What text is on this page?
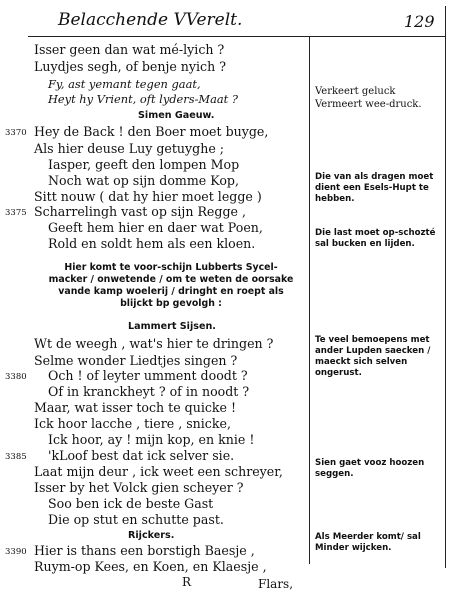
Belacchende VVerelt.	129
Isser geen dan wat mé-lyich ?
Luydjes segh, of benje nyich ?
Fy, ast yemant tegen gaat,
Heyt hy Vrient, oft lyders-Maat ?
Simen Gaeuw.
3370 Hey de Back ! den Boer moet buyge,
Als hier deuse Luy getuyghe ;
Iasper, geeft den lompen Mop
Noch wat op sijn domme Kop,
Sitt nouw ( dat hy hier moet legge )
3375 Scharrelingh vast op sijn Regge ,
Geeft hem hier en daer wat Poen,
Rold en soldt hem als een kloen.
Hier komt te voor-schijn Lubberts Sycel-macker / onwetende / om te weten de oorsake vande kamp woelerij / dringht en roept als blijckt bp gevolgh :
Lammert Sijsen.
Wt de weegh , wat's hier te dringen ?
Selme wonder Liedtjes singen ?
3380 Och ! of leyter umment doodt ?
Of in kranckheyt ? of in noodt ?
Maar, wat isser toch te quicke !
Ick hoor lacche , tiere , snicke,
Ick hoor, ay ! mijn kop, en knie !
3385 'kLoof best dat ick selver sie.
Laat mijn deur , ick weet een schreyer,
Isser by het Volck gien scheyer ?
Soo ben ick de beste Gast
Die op stut en schutte past.
Rijckers.
3390 Hier is thans een borstigh Baesje ,
Ruym-op Kees, en Koen, en Klaesje ,
R	Flars,
Verkeert geluck
Vermeert wee-druck.
Die van als dragen moet dient een Esels-Hupt te hebben.
Die last moet op-schozté sal bucken en lijden.
Te veel bemoepens met ander Lupden saecken / maeckt sich selven ongerust.
Sien gaet vooz hoozen seggen.
Als Meerder komt/ sal Minder wijcken.
